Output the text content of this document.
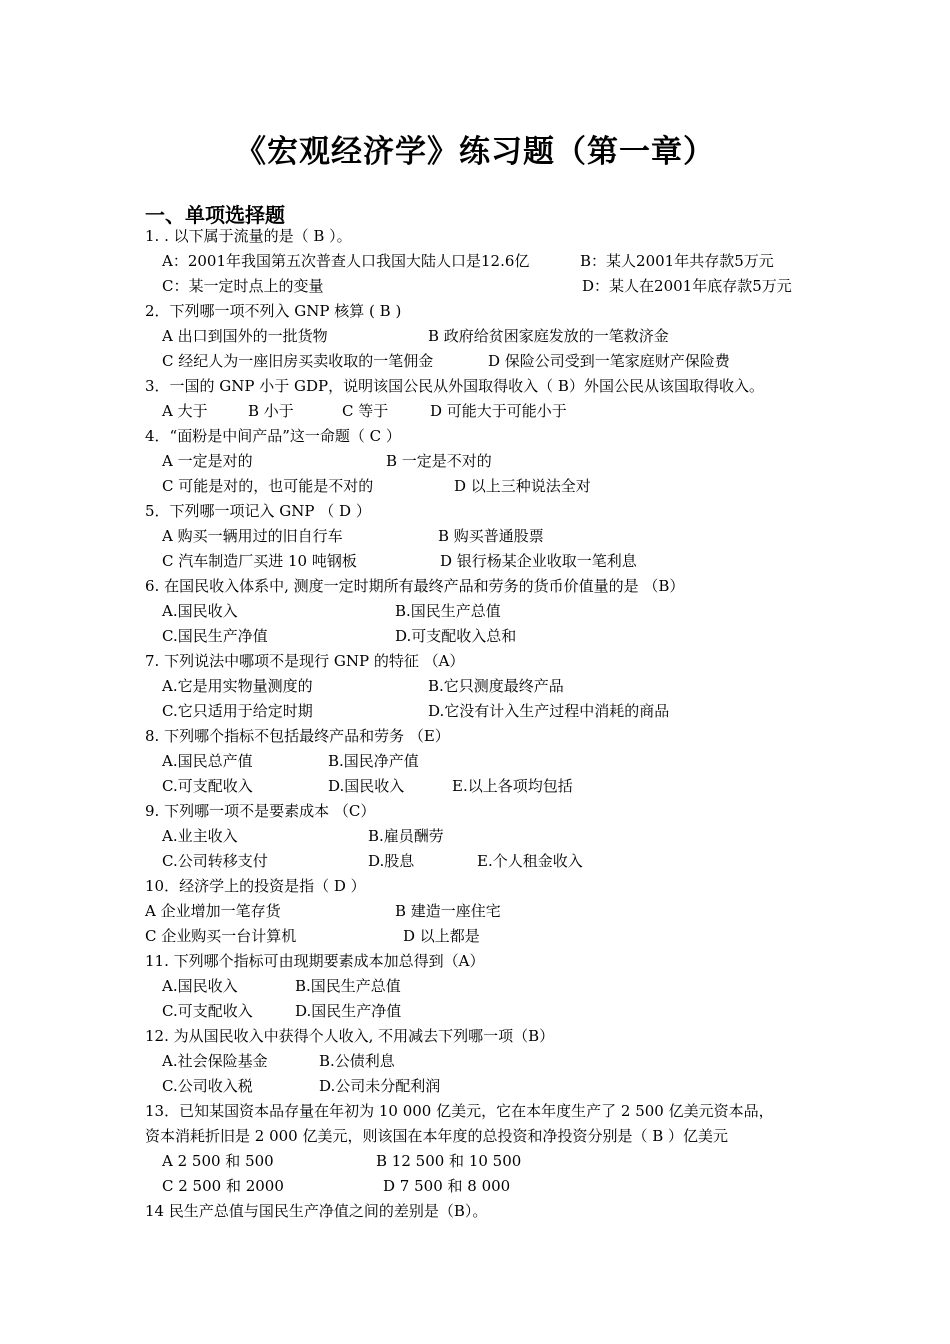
《宏观经济学》练习题（第一章）
一、单项选择题
1. . 以下属于流量的是（ B ）。
A：2001年我国第五次普查人口我国大陆人口是12.6亿	B：某人2001年共存款5万元
C：某一定时点上的变量	D：某人在2001年底存款5万元
2．下列哪一项不列入 GNP 核算 ( B )
A 出口到国外的一批货物	B 政府给贫困家庭发放的一笔救济金
C 经纪人为一座旧房买卖收取的一笔佣金	D 保险公司受到一笔家庭财产保险费
3．一国的 GNP 小于 GDP，说明该国公民从外国取得收入（ B）外国公民从该国取得收入。
A 大于	B 小于	C 等于	D 可能大于可能小于
4．“面粉是中间产品”这一命题（ C ）
A 一定是对的	B 一定是不对的
C 可能是对的，也可能是不对的	D 以上三种说法全对
5．下列哪一项记入 GNP （ D ）
A 购买一辆用过的旧自行车	B 购买普通股票
C 汽车制造厂买进 10 吨钢板	D 银行杨某企业收取一笔利息
6. 在国民收入体系中, 测度一定时期所有最终产品和劳务的货币价值量的是 （B）
A.国民收入	B.国民生产总值
C.国民生产净值	D.可支配收入总和
7. 下列说法中哪项不是现行 GNP 的特征 （A）
A.它是用实物量测度的	B.它只测度最终产品
C.它只适用于给定时期	D.它没有计入生产过程中消耗的商品
8. 下列哪个指标不包括最终产品和劳务 （E）
A.国民总产值	B.国民净产值
C.可支配收入	D.国民收入	E.以上各项均包括
9. 下列哪一项不是要素成本 （C）
A.业主收入	B.雇员酬劳
C.公司转移支付	D.股息	E.个人租金收入
10．经济学上的投资是指（ D ）
A 企业增加一笔存货	B 建造一座住宅
C 企业购买一台计算机	D 以上都是
11. 下列哪个指标可由现期要素成本加总得到（A）
A.国民收入	B.国民生产总值
C.可支配收入	D.国民生产净值
12. 为从国民收入中获得个人收入, 不用减去下列哪一项（B）
A.社会保险基金	B.公债利息
C.公司收入税	D.公司未分配利润
13．已知某国资本品存量在年初为 10 000 亿美元，它在本年度生产了 2 500 亿美元资本品，
资本消耗折旧是 2 000 亿美元，则该国在本年度的总投资和净投资分别是（ B ）亿美元
A 2 500 和 500	B 12 500 和 10 500
C 2 500 和 2000	D 7 500 和 8 000
14 民生产总值与国民生产净值之间的差别是（B）。
